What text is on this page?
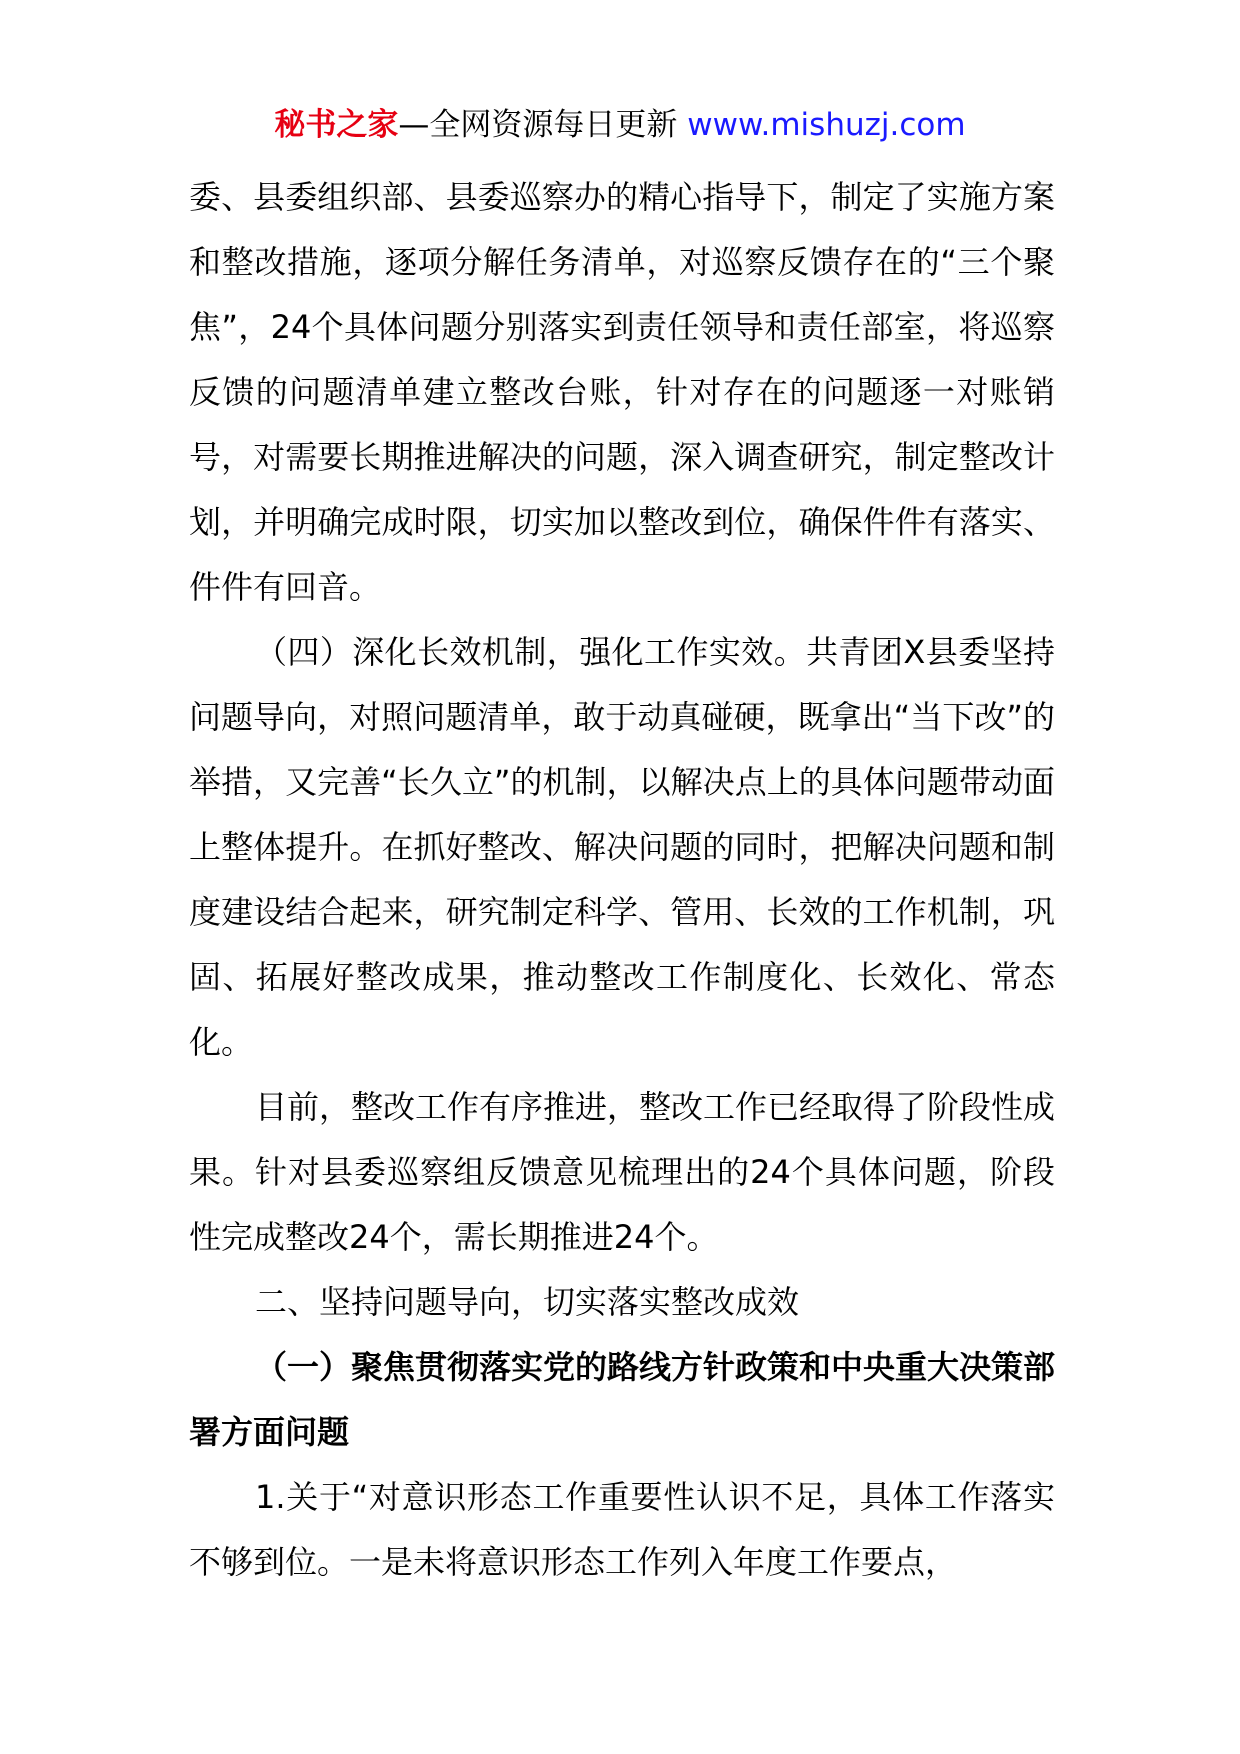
秘书之家—全网资源每日更新 www.mishuzj.com

委、县委组织部、县委巡察办的精心指导下，制定了实施方案和整改措施，逐项分解任务清单，对巡察反馈存在的“三个聚焦”，24个具体问题分别落实到责任领导和责任部室，将巡察反馈的问题清单建立整改台账，针对存在的问题逐一对账销号，对需要长期推进解决的问题，深入调查研究，制定整改计划，并明确完成时限，切实加以整改到位，确保件件有落实、件件有回音。

（四）深化长效机制，强化工作实效。共青团X县委坚持问题导向，对照问题清单，敢于动真碰硬，既拿出“当下改”的举措，又完善“长久立”的机制，以解决点上的具体问题带动面上整体提升。在抓好整改、解决问题的同时，把解决问题和制度建设结合起来，研究制定科学、管用、长效的工作机制，巩固、拓展好整改成果，推动整改工作制度化、长效化、常态化。

目前，整改工作有序推进，整改工作已经取得了阶段性成果。针对县委巡察组反馈意见梳理出的24个具体问题，阶段性完成整改24个，需长期推进24个。

二、坚持问题导向，切实落实整改成效

（一）聚焦贯彻落实党的路线方针政策和中央重大决策部署方面问题

1.关于“对意识形态工作重要性认识不足，具体工作落实不够到位。一是未将意识形态工作列入年度工作要点，
